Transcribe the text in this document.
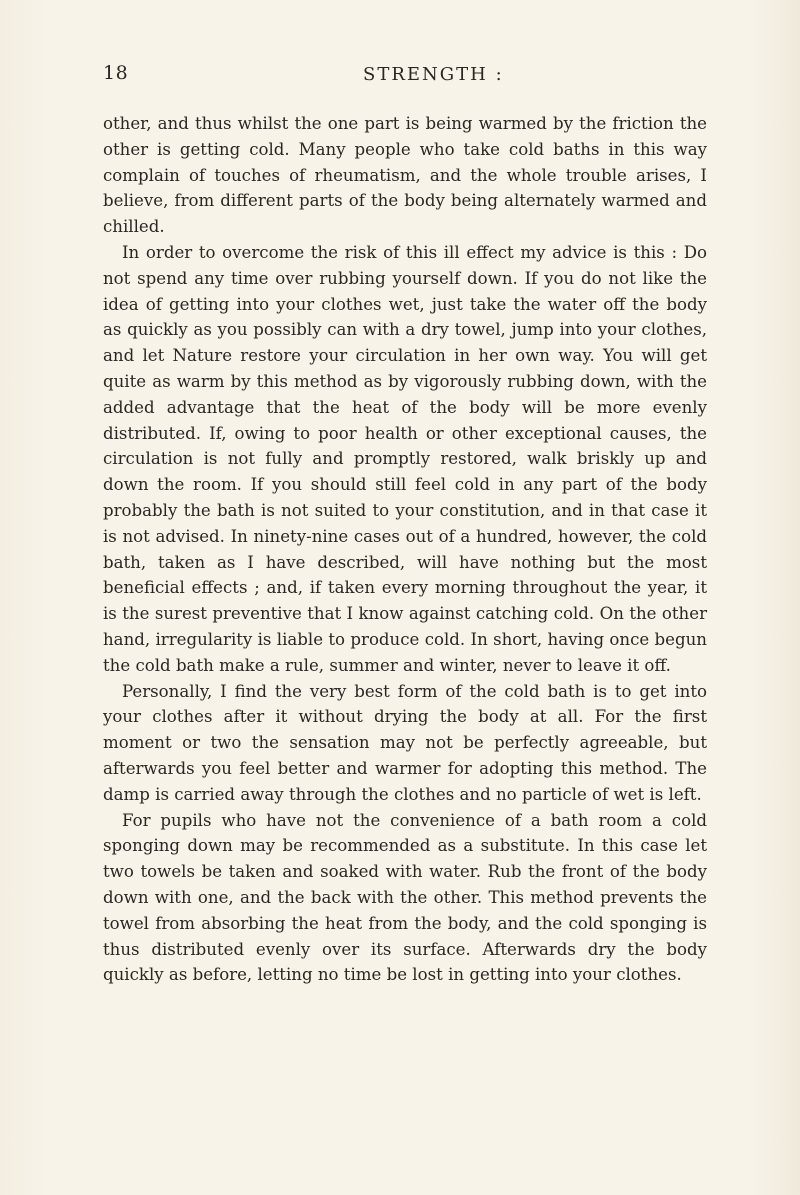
18	STRENGTH :

other, and thus whilst the one part is being warmed by the friction the other is getting cold. Many people who take cold baths in this way complain of touches of rheumatism, and the whole trouble arises, I believe, from different parts of the body being alternately warmed and chilled.

In order to overcome the risk of this ill effect my advice is this : Do not spend any time over rubbing yourself down. If you do not like the idea of getting into your clothes wet, just take the water off the body as quickly as you possibly can with a dry towel, jump into your clothes, and let Nature restore your circulation in her own way. You will get quite as warm by this method as by vigorously rubbing down, with the added advantage that the heat of the body will be more evenly distributed. If, owing to poor health or other exceptional causes, the circulation is not fully and promptly restored, walk briskly up and down the room. If you should still feel cold in any part of the body probably the bath is not suited to your constitution, and in that case it is not advised. In ninety-nine cases out of a hundred, however, the cold bath, taken as I have described, will have nothing but the most beneficial effects ; and, if taken every morning throughout the year, it is the surest preventive that I know against catching cold. On the other hand, irregularity is liable to produce cold. In short, having once begun the cold bath make a rule, summer and winter, never to leave it off.

Personally, I find the very best form of the cold bath is to get into your clothes after it without drying the body at all. For the first moment or two the sensation may not be perfectly agreeable, but afterwards you feel better and warmer for adopting this method. The damp is carried away through the clothes and no particle of wet is left.

For pupils who have not the convenience of a bath room a cold sponging down may be recommended as a substitute. In this case let two towels be taken and soaked with water. Rub the front of the body down with one, and the back with the other. This method prevents the towel from absorbing the heat from the body, and the cold sponging is thus distributed evenly over its surface. Afterwards dry the body quickly as before, letting no time be lost in getting into your clothes.
